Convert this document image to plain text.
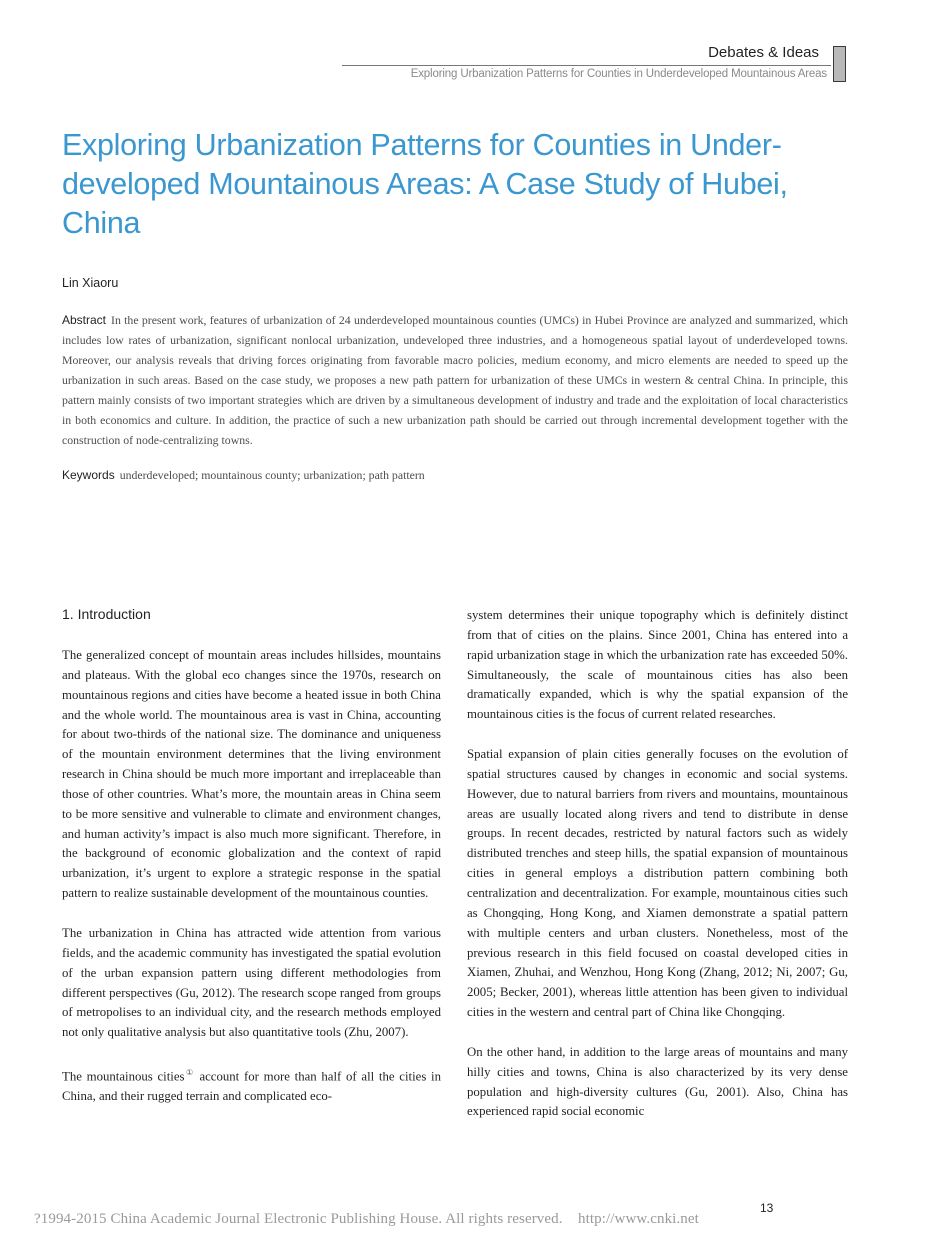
Debates & Ideas
Exploring Urbanization Patterns for Counties in Underdeveloped Mountainous Areas
Exploring Urbanization Patterns for Counties in Under-developed Mountainous Areas: A Case Study of Hubei, China
Lin Xiaoru

Abstract In the present work, features of urbanization of 24 underdeveloped mountainous counties (UMCs) in Hubei Province are analyzed and summarized, which includes low rates of urbanization, significant nonlocal urbanization, undeveloped three industries, and a homogeneous spatial layout of underdeveloped towns. Moreover, our analysis reveals that driving forces originating from favorable macro policies, medium economy, and micro elements are needed to speed up the urbanization in such areas. Based on the case study, we proposes a new path pattern for urbanization of these UMCs in western & central China. In principle, this pattern mainly consists of two important strategies which are driven by a simultaneous development of industry and trade and the exploitation of local characteristics in both economics and culture. In addition, the practice of such a new urbanization path should be carried out through incremental development together with the construction of node-centralizing towns.

Keywords underdeveloped; mountainous county; urbanization; path pattern
1. Introduction

The generalized concept of mountain areas includes hillsides, mountains and plateaus. With the global eco changes since the 1970s, research on mountainous regions and cities have become a heated issue in both China and the whole world. The mountainous area is vast in China, accounting for about two-thirds of the national size. The dominance and uniqueness of the mountain environment determines that the living environment research in China should be much more important and irreplaceable than those of other countries. What’s more, the mountain areas in China seem to be more sensitive and vulnerable to climate and environment changes, and human activity’s impact is also much more significant. Therefore, in the background of economic globalization and the context of rapid urbanization, it’s urgent to explore a strategic response in the spatial pattern to realize sustainable development of the mountainous counties.

The urbanization in China has attracted wide attention from various fields, and the academic community has investigated the spatial evolution of the urban expansion pattern using different methodologies from different perspectives (Gu, 2012). The research scope ranged from groups of metropolises to an individual city, and the research methods employed not only qualitative analysis but also quantitative tools (Zhu, 2007).

The mountainous cities① account for more than half of all the cities in China, and their rugged terrain and complicated eco-

system determines their unique topography which is definitely distinct from that of cities on the plains. Since 2001, China has entered into a rapid urbanization stage in which the urbanization rate has exceeded 50%. Simultaneously, the scale of mountainous cities has also been dramatically expanded, which is why the spatial expansion of the mountainous cities is the focus of current related researches.

Spatial expansion of plain cities generally focuses on the evolution of spatial structures caused by changes in economic and social systems. However, due to natural barriers from rivers and mountains, mountainous areas are usually located along rivers and tend to distribute in dense groups. In recent decades, restricted by natural factors such as widely distributed trenches and steep hills, the spatial expansion of mountainous cities in general employs a distribution pattern combining both centralization and decentralization. For example, mountainous cities such as Chongqing, Hong Kong, and Xiamen demonstrate a spatial pattern with multiple centers and urban clusters. Nonetheless, most of the previous research in this field focused on coastal developed cities in Xiamen, Zhuhai, and Wenzhou, Hong Kong (Zhang, 2012; Ni, 2007; Gu, 2005; Becker, 2001), whereas little attention has been given to individual cities in the western and central part of China like Chongqing.

On the other hand, in addition to the large areas of mountains and many hilly cities and towns, China is also characterized by its very dense population and high-diversity cultures (Gu, 2001). Also, China has experienced rapid social economic

13
?1994-2015 China Academic Journal Electronic Publishing House. All rights reserved.    http://www.cnki.net
